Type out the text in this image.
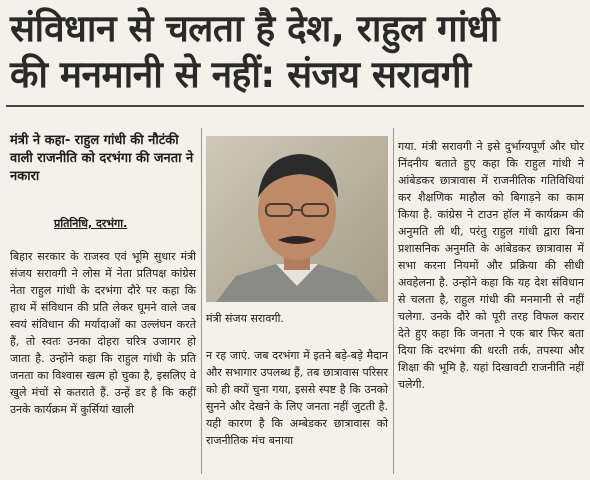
संविधान से चलता है देश, राहुल गांधी
की मनमानी से नहीं: संजय सरावगी
मंत्री ने कहा- राहुल गांधी की नौटंकी वाली राजनीति को दरभंगा की जनता ने नकारा
प्रतिनिधि, दरभंगा.
बिहार सरकार के राजस्व एवं भूमि सुधार मंत्री संजय सरावगी ने लोस में नेता प्रतिपक्ष कांग्रेस नेता राहुल गांधी के दरभंगा दौरे पर कहा कि हाथ में संविधान की प्रति लेकर घूमने वाले जब स्वयं संविधान की मर्यादाओं का उल्लंघन करते हैं, तो स्वतः उनका दोहरा चरित्र उजागर हो जाता है. उन्होंने कहा कि राहुल गांधी के प्रति जनता का विश्वास खत्म हो चुका है, इसलिए वे खुले मंचों से कतराते हैं. उन्हें डर है कि कहीं उनके कार्यक्रम में कुर्सियां खाली
मंत्री संजय सरावगी.
न रह जाएं. जब दरभंगा में इतने बड़े-बड़े मैदान और सभागार उपलब्ध हैं, तब छात्रावास परिसर को ही क्यों चुना गया, इससे स्पष्ट है कि उनको सुनने और देखने के लिए जनता नहीं जुटती है. यही कारण है कि अम्बेडकर छात्रावास को राजनीतिक मंच बनाया
गया. मंत्री सरावगी ने इसे दुर्भाग्यपूर्ण और घोर निंदनीय बताते हुए कहा कि राहुल गांधी ने आंबेडकर छात्रावास में राजनीतिक गतिविधियां कर शैक्षणिक माहौल को बिगाड़ने का काम किया है. कांग्रेस ने टाउन हॉल में कार्यक्रम की अनुमति ली थी, परंतु राहुल गांधी द्वारा बिना प्रशासनिक अनुमति के आंबेडकर छात्रावास में सभा करना नियमों और प्रक्रिया की सीधी अवहेलना है. उन्होंने कहा कि यह देश संविधान से चलता है, राहुल गांधी की मनमानी से नहीं चलेगा. उनके दौरे को पूरी तरह विफल करार देते हुए कहा कि जनता ने एक बार फिर बता दिया कि दरभंगा की धरती तर्क, तपस्या और शिक्षा की भूमि है. यहां दिखावटी राजनीति नहीं चलेगी.
